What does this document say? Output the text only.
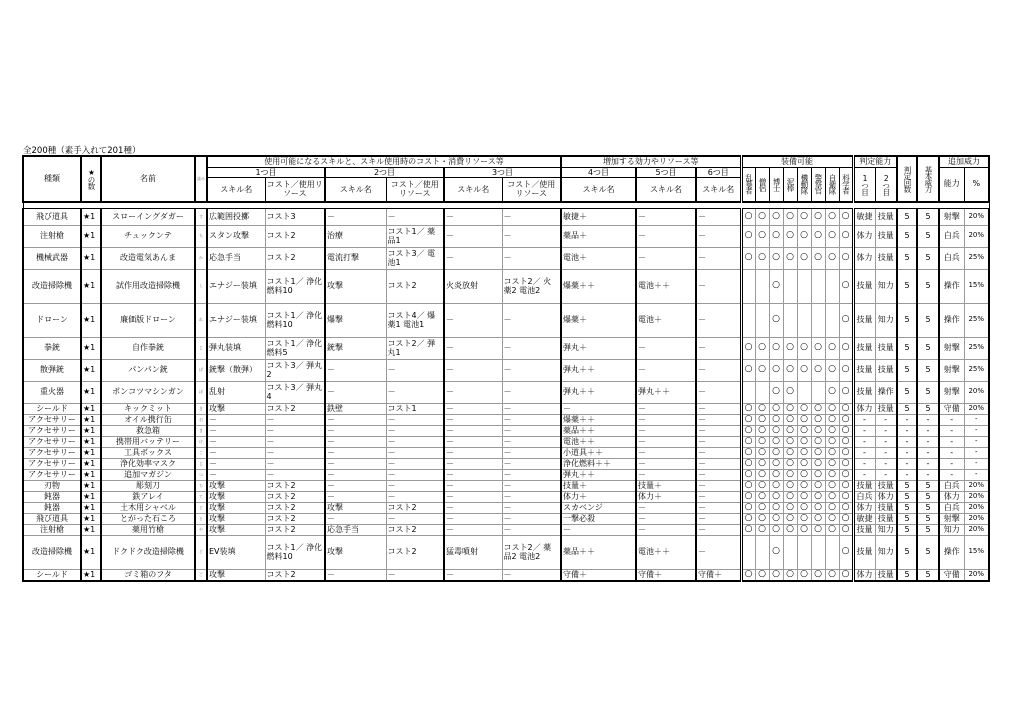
全200種（素手入れて201種）
種類	★の数	名前	読み	使用可能になるスキルと、スキル使用時のコスト・消費リソース等						増加する効力やリソース等			装備可能								判定能力		判定回数	基本威力	追加威力	
				1つ目		2つ目		3つ目		4つ目	5つ目	6つ目	乱暴者	僧侶	博士	泥棒	機動隊	警察官	自衛隊	科学者	1つ目	2つ目			能力	%
				スキル名	コスト／使用リソース	スキル名	コスト／使用リソース	スキル名	コスト／使用リソース	スキル名	スキル名	スキル名														

飛び道具	★1	スローイングダガー	す	広範囲投擲	コスト3	－	－	－	－	敏捷＋	－	－	○	○	○	○	○	○	○	○	敏捷	技量	5	5	射撃	20%
注射槍	★1	チュックンテ	ち	スタン攻撃	コスト2	治療	コスト1／ 薬品1	－	－	薬品＋	－	－	○	○	○	○	○	○	○	○	体力	技量	5	5	白兵	20%
機械武器	★1	改造電気あんま	か	応急手当	コスト2	電流打撃	コスト3／ 電池1	－	－	電池＋	－	－	○	○	○	○	○	○	○	○	体力	技量	5	5	白兵	25%
改造掃除機	★1	試作用改造掃除機	し	エナジー装填	コスト1／ 浄化燃料10	攻撃	コスト2	火炎放射	コスト2／ 火薬2 電池2	爆薬＋＋	電池＋＋	－			○					○	技量	知力	5	5	操作	15%
ドローン	★1	廉価版ドローン	れ	エナジー装填	コスト1／ 浄化燃料10	爆撃	コスト4／ 爆薬1 電池1	－	－	爆薬＋	電池＋	－			○					○	技量	知力	5	5	操作	25%
拳銃	★1	自作拳銃	じ	弾丸装填	コスト1／ 浄化燃料5	銃撃	コスト2／ 弾丸1	－	－	弾丸＋	－	－	○	○	○	○	○	○	○	○	技量	技量	5	5	射撃	25%
散弾銃	★1	パンパン銃	ぱ	銃撃（散弾）	コスト3／ 弾丸2	－	－	－	－	弾丸＋＋	－	－	○	○	○	○	○	○	○	○	技量	技量	5	5	射撃	25%
重火器	★1	ポンコツマシンガン	ぽ	乱射	コスト3／ 弾丸4	－	－	－	－	弾丸＋＋	弾丸＋＋	－			○	○			○	○	技量	操作	5	5	射撃	20%
シールド	★1	キックミット	き	攻撃	コスト2	鉄壁	コスト1	－	－	－	－	－	○	○	○	○	○	○	○	○	体力	技量	5	5	守備	20%
アクセサリー	★1	オイル携行缶	お	－	－	－	－	－	－	爆薬＋＋	－	－	○	○	○	○	○	○	○	○	-	-	-	-	-	-
アクセサリー	★1	救急箱	き	－	－	－	－	－	－	薬品＋＋	－	－	○	○	○	○	○	○	○	○	-	-	-	-	-	-
アクセサリー	★1	携帯用バッテリー	け	－	－	－	－	－	－	電池＋＋	－	－	○	○	○	○	○	○	○	○	-	-	-	-	-	-
アクセサリー	★1	工具ボックス	こ	－	－	－	－	－	－	小道具＋＋	－	－	○	○	○	○	○	○	○	○	-	-	-	-	-	-
アクセサリー	★1	浄化効率マスク	じ	－	－	－	－	－	－	浄化燃料＋＋	－	－	○	○	○	○	○	○	○	○	-	-	-	-	-	-
アクセサリー	★1	追加マガジン	つ	－	－	－	－	－	－	弾丸＋＋	－	－	○	○	○	○	○	○	○	○	-	-	-	-	-	-
刃物	★1	彫刻刀	ち	攻撃	コスト2	－	－	－	－	技量＋	技量＋	－	○	○	○	○	○	○	○	○	技量	技量	5	5	白兵	20%
鈍器	★1	鉄アレイ	て	攻撃	コスト2	－	－	－	－	体力＋	体力＋	－	○	○	○	○	○	○	○	○	白兵	体力	5	5	体力	20%
鈍器	★1	土木用シャベル	ど	攻撃	コスト2	攻撃	コスト2	－	－	スカベンジ	－	－	○	○	○	○	○	○	○	○	体力	技量	5	5	白兵	20%
飛び道具	★1	とがった石ころ	と	攻撃	コスト2	－	－	－	－	一撃必殺	－	－	○	○	○	○	○	○	○	○	敏捷	技量	5	5	射撃	20%
注射槍	★1	薬用竹槍	や	攻撃	コスト2	応急手当	コスト2	－	－	－	－	－	○	○	○	○	○	○	○	○	技量	知力	5	5	知力	20%
改造掃除機	★1	ドクドク改造掃除機	ど	EV装填	コスト1／ 浄化燃料10	攻撃	コスト2	猛毒噴射	コスト2／ 薬品2 電池2	薬品＋＋	電池＋＋	－			○					○	技量	知力	5	5	操作	15%
シールド	★1	ゴミ箱のフタ	ご	攻撃	コスト2	－	－	－	－	守備＋	守備＋	守備＋	○	○	○	○	○	○	○	○	体力	技量	5	5	守備	20%
